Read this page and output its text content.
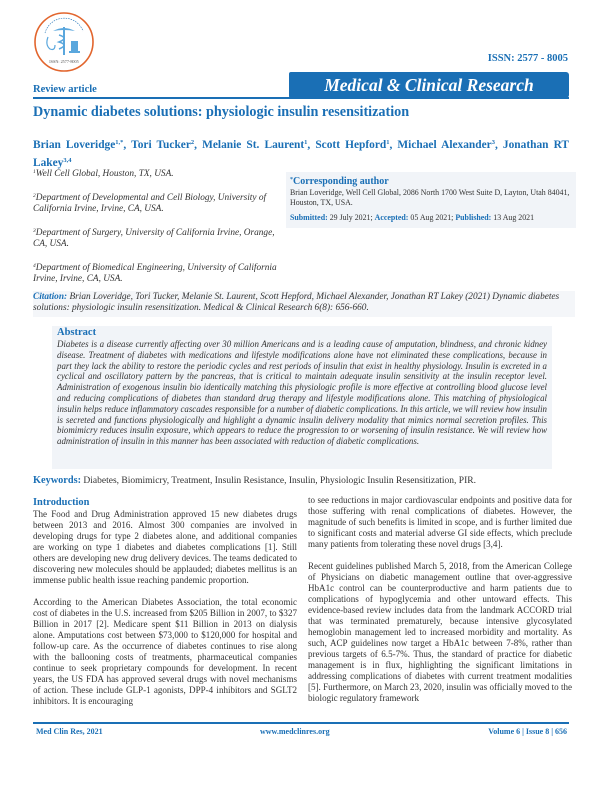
ISSN: 2577-8005	ISSN: 2577 - 8005
Medical & Clinical Research
Review article
Dynamic diabetes solutions: physiologic insulin resensitization
Brian Loveridge$^{1,*}$, Tori Tucker$^2$, Melanie St. Laurent$^1$, Scott Hepford$^1$, Michael Alexander$^3$, Jonathan RT Lakey$^{3,4}$
$^1$Well Cell Global, Houston, TX, USA.
$^2$Department of Developmental and Cell Biology, University of California Irvine, Irvine, CA, USA.
$^3$Department of Surgery, University of California Irvine, Orange, CA, USA.
$^4$Department of Biomedical Engineering, University of California Irvine, Irvine, CA, USA.
*Corresponding author
Brian Loveridge, Well Cell Global, 2086 North 1700 West Suite D, Layton, Utah 84041, Houston, TX, USA.
Submitted: 29 July 2021; Accepted: 05 Aug 2021; Published: 13 Aug 2021
Citation: Brian Loveridge, Tori Tucker, Melanie St. Laurent, Scott Hepford, Michael Alexander, Jonathan RT Lakey (2021) Dynamic diabetes solutions: physiologic insulin resensitization. Medical & Clinical Research 6(8): 656-660.
Abstract
Diabetes is a disease currently affecting over 30 million Americans and is a leading cause of amputation, blindness, and chronic kidney disease. Treatment of diabetes with medications and lifestyle modifications alone have not eliminated these complications, because in part they lack the ability to restore the periodic cycles and rest periods of insulin that exist in healthy physiology. Insulin is excreted in a cyclical and oscillatory pattern by the pancreas, that is critical to maintain adequate insulin sensitivity at the insulin receptor level. Administration of exogenous insulin bio identically matching this physiologic profile is more effective at controlling blood glucose level and reducing complications of diabetes than standard drug therapy and lifestyle modifications alone. This matching of physiological insulin helps reduce inflammatory cascades responsible for a number of diabetic complications. In this article, we will review how insulin is secreted and functions physiologically and highlight a dynamic insulin delivery modality that mimics normal secretion profiles. This biomimicry reduces insulin exposure, which appears to reduce the progression to or worsening of insulin resistance. We will review how administration of insulin in this manner has been associated with reduction of diabetic complications.
Keywords: Diabetes, Biomimicry, Treatment, Insulin Resistance, Insulin, Physiologic Insulin Resensitization, PIR.
Introduction

The Food and Drug Administration approved 15 new diabetes drugs between 2013 and 2016. Almost 300 companies are involved in developing drugs for type 2 diabetes alone, and additional companies are working on type 1 diabetes and diabetes complications [1]. Still others are developing new drug delivery devices. The teams dedicated to discovering new molecules should be applauded; diabetes mellitus is an immense public health issue reaching pandemic proportion.

According to the American Diabetes Association, the total economic cost of diabetes in the U.S. increased from $205 Billion in 2007, to $327 Billion in 2017 [2]. Medicare spent $11 Billion in 2013 on dialysis alone. Amputations cost between $73,000 to $120,000 for hospital and follow-up care. As the occurrence of diabetes continues to rise along with the ballooning costs of treatments, pharmaceutical companies continue to seek proprietary compounds for development. In recent years, the US FDA has approved several drugs with novel mechanisms of action. These include GLP-1 agonists, DPP-4 inhibitors and SGLT2 inhibitors. It is encouraging

to see reductions in major cardiovascular endpoints and positive data for those suffering with renal complications of diabetes. However, the magnitude of such benefits is limited in scope, and is further limited due to significant costs and material adverse GI side effects, which preclude many patients from tolerating these novel drugs [3,4].

Recent guidelines published March 5, 2018, from the American College of Physicians on diabetic management outline that over-aggressive HbA1c control can be counterproductive and harm patients due to complications of hypoglycemia and other untoward effects. This evidence-based review includes data from the landmark ACCORD trial that was terminated prematurely, because intensive glycosylated hemoglobin management led to increased morbidity and mortality. As such, ACP guidelines now target a HbA1c between 7-8%, rather than previous targets of 6.5-7%. Thus, the standard of practice for diabetic management is in flux, highlighting the significant limitations in addressing complications of diabetes with current treatment modalities [5]. Furthermore, on March 23, 2020, insulin was officially moved to the biologic regulatory framework

Med Clin Res, 2021	www.medclinres.org	Volume 6 | Issue 8 | 656
